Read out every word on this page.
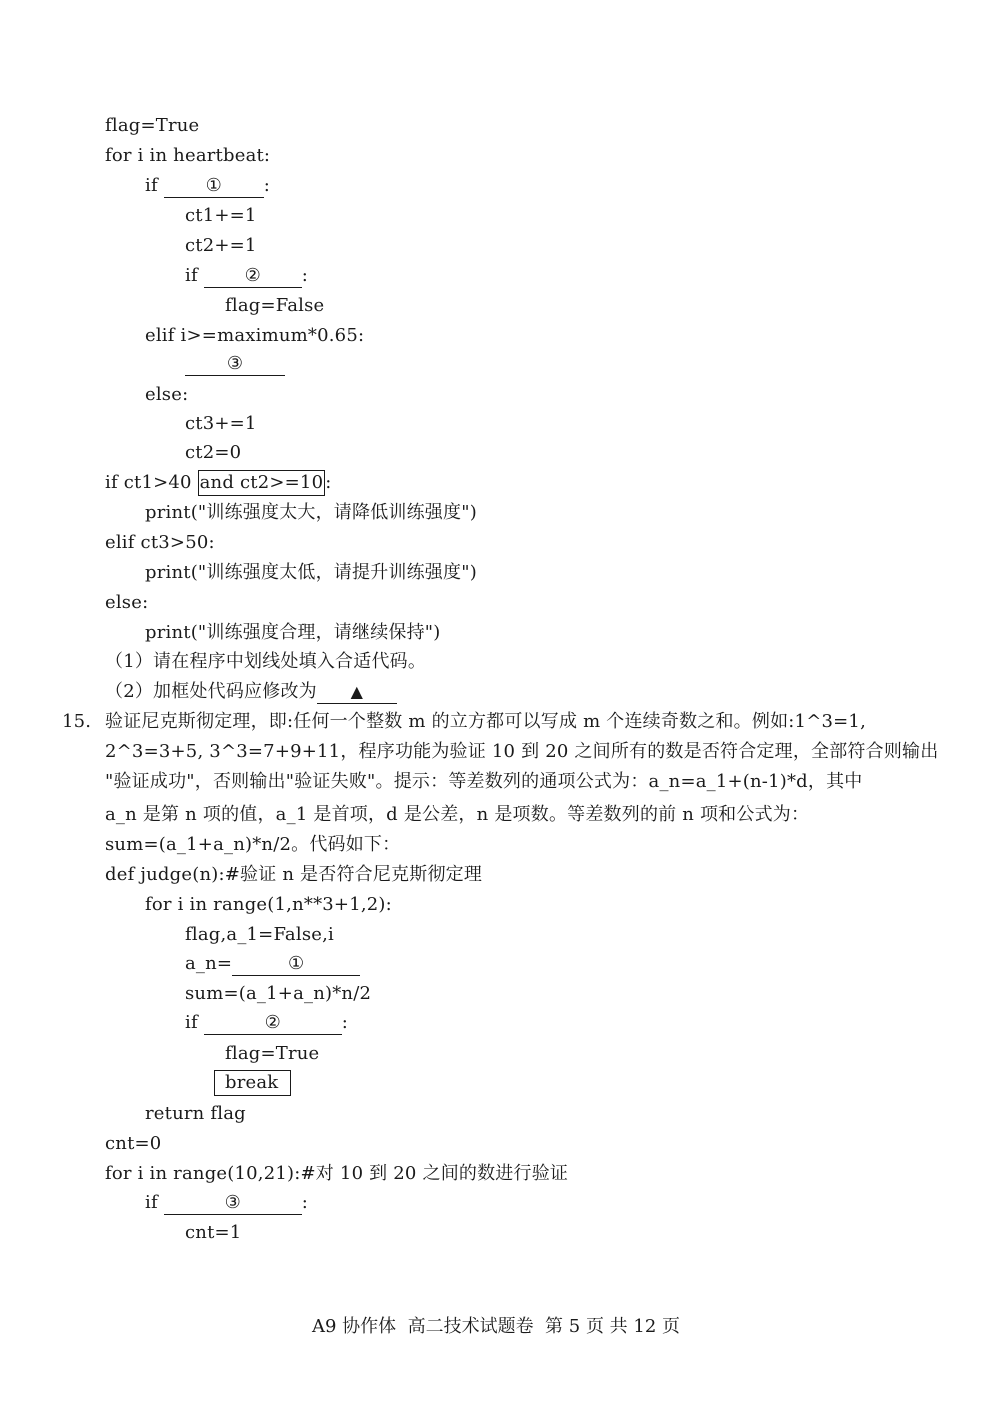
flag=True
for i in heartbeat:
if ① :
ct1+=1
ct2+=1
if ② :
flag=False
elif i>=maximum*0.65:
③
else:
ct3+=1
ct2=0
if ct1>40 and ct2>=10 :
print("训练强度太大，请降低训练强度")
elif ct3>50:
print("训练强度太低，请提升训练强度")
else:
print("训练强度合理，请继续保持")
（1）请在程序中划线处填入合适代码。
（2）加框处代码应修改为 ▲
15. 验证尼克斯彻定理，即:任何一个整数 m 的立方都可以写成 m 个连续奇数之和。例如:1^3=1,
2^3=3+5, 3^3=7+9+11，程序功能为验证 10 到 20 之间所有的数是否符合定理，全部符合则输出
"验证成功"，否则输出"验证失败"。提示：等差数列的通项公式为：a_n=a_1+(n-1)*d，其中
a_n 是第 n 项的值，a_1 是首项，d 是公差，n 是项数。等差数列的前 n 项和公式为：
sum=(a_1+a_n)*n/2。代码如下：
def judge(n):#验证 n 是否符合尼克斯彻定理
for i in range(1,n**3+1,2):
flag,a_1=False,i
a_n=	①
sum=(a_1+a_n)*n/2
if	②	:
flag=True
break
return flag
cnt=0
for i in range(10,21):#对 10 到 20 之间的数进行验证
if	③	:
cnt=1
A9 协作体  高二技术试题卷  第 5 页 共 12 页
